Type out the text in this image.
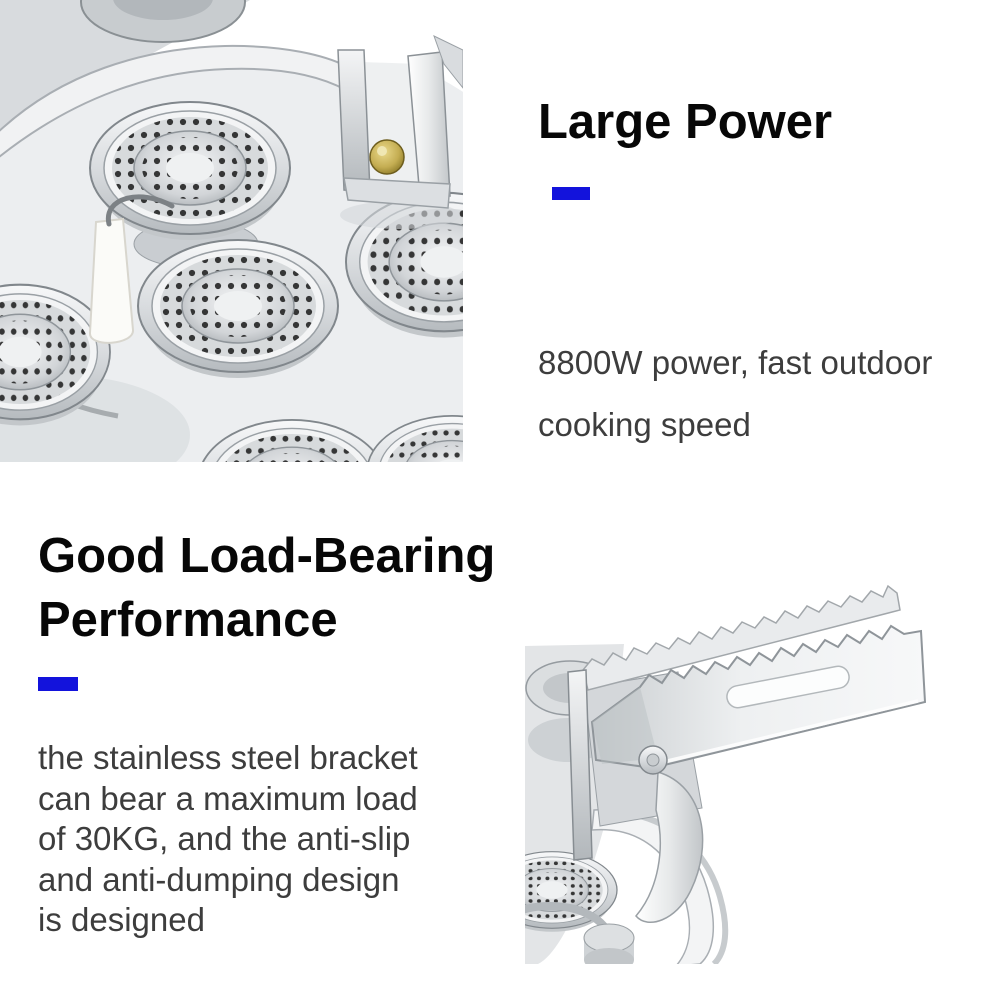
Large Power
8800W power, fast outdoor
cooking speed
Good Load-Bearing
Performance
the stainless steel bracket
can bear a maximum load
of 30KG, and the anti-slip
and anti-dumping design
is designed
